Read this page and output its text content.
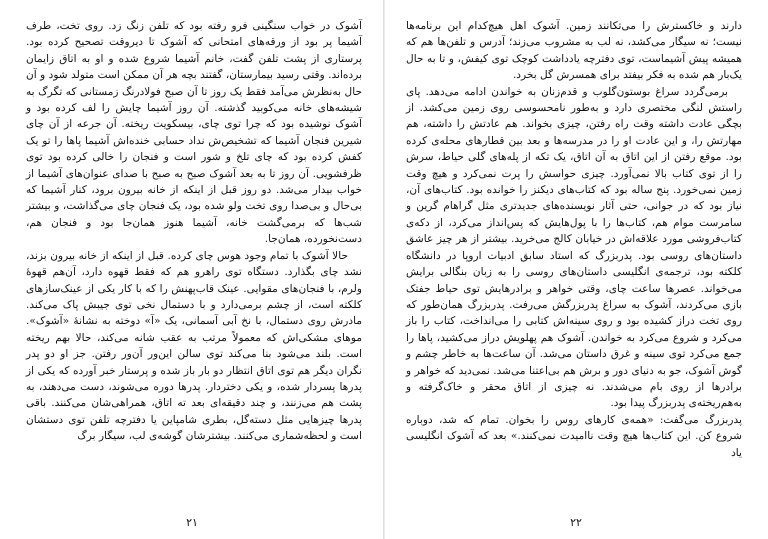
آشوک در خواب سنگینی فرو رفته بود که تلفن زنگ زد. روی تخت، طرف آشیما پر بود از ورقه‌های امتحانی که آشوک تا دیروقت تصحیح کرده بود. پرستاری از پشت تلفن گفت، خانم آشیما شروع شده و او به اتاق زایمان برده‌اند. وقتی رسید بیمارستان، گفتند بچه هر آن ممکن است متولد شود و آن حال به‌نظرش می‌آمد فقط یک روز تا آن صبح فولادرنگ زمستانی که تگرگ به شیشه‌های خانه می‌کوبید گذشته. آن روز آشیما چایش را لف کرده بود و آشوک نوشیده بود که چرا توی چای، بیسکویت ریخته. آن جرعه از آن چای شیرین فنجان آشیما که تشخیص‌ش نداد حسابی خنده‌اش آشیما پاها را تو یک کفش کرده بود که چای تلخ و شور است و فنجان را خالی کرده بود توی ظرفشویی. آن روز تا به بعد آشوک صبح به صبح با صدای عنوان‌های آشیما از خواب بیدار می‌شد. دو روز قبل از اینکه از خانه بیرون برود، کنار آشیما که بی‌حال و بی‌صدا روی تخت ولو شده بود، یک فنجان چای می‌گذاشت، و بیشتر شب‌ها که برمی‌گشت خانه، آشیما هنوز همان‌جا بود و فنجان هم، دست‌نخورده، همان‌جا.

حالا آشوک با تمام وجود هوس چای کرده. قبل از اینکه از خانه بیرون بزند، نشد چای بگذارد. دستگاه توی راهرو هم که فقط قهوه دارد، آن‌هم قهوهٔ ولرم، با فنجان‌های مقوایی. عینک قاب‌پهنش را که با کار یکی از عینک‌سازهای کلکته است، از چشم برمی‌دارد و با دستمال نخی توی جیبش پاک می‌کند. مادرش روی دستمال، با نخ آبی آسمانی، یک «آ» دوخته به نشانهٔ «آشوک». موهای مشکی‌اش که معمولاً مرتب به عقب شانه می‌کند، حالا بهم ریخته است. بلند می‌شود بنا می‌کند توی سالن این‌ور آن‌ور رفتن. جز او دو پدر نگران دیگر هم توی اتاق انتظار دو بار باز شده و پرستار خبر آورده که یکی از پدرها پسردار شده، و یکی دختردار. پدرها دوره می‌شوند، دست می‌دهند، به پشت هم می‌زنند، و چند دقیقه‌ای بعد ته اتاق، همراهی‌شان می‌کنند. باقی پدرها چیزهایی مثل دسته‌گل، بطری شامپاین یا دفترچه تلفن توی دستشان است و لحظه‌شماری می‌کنند. بیشترشان گوشه‌ی لب، سیگار برگ

۲۱

دارند و خاکسترش را می‌تکانند زمین. آشوک اهل هیچ‌کدام این برنامه‌ها نیست؛ نه سیگار می‌کشد، نه لب به مشروب می‌زند؛ آدرس و تلفن‌ها هم که همیشه پیش آشیماست، توی دفترچه یادداشت کوچک توی کیفش، و تا به حال یک‌بار هم شده به فکر بیفتد برای همسرش گل بخرد.

برمی‌گردد سراغ بوستون‌گلوب و قدم‌زنان به خواندن ادامه می‌دهد. پای راستش لنگی مختصری دارد و به‌طور نامحسوسی روی زمین می‌کشد. از بچگی عادت داشته وقت راه رفتن، چیزی بخواند. هم عادتش را داشته، هم مهارتش را، و این عادت او را در مدرسه‌ها و بعد بین قطارهای محله‌ی کرده بود. موقع رفتن از این اتاق به آن اتاق، یک تکه از پله‌های گلی حیاط، سرش را از توی کتاب بالا نمی‌آورد. چیزی حواسش را پرت نمی‌کرد و هیچ وقت زمین نمی‌خورد. پنج ساله بود که کتاب‌های دیکنز را خوانده بود. کتاب‌های آن، نیاز بود که در جوانی، حتی آثار نویسنده‌های جدیدتری مثل گراهام گرین و سامرست موام هم، کتاب‌ها را با پول‌هایش که پس‌انداز می‌کرد، از دکه‌ی کتاب‌فروشی مورد علاقه‌اش در خیابان کالج می‌خرید. بیشتر از هر چیز عاشق داستان‌های روسی بود. پدربزرگ که استاد سابق ادبیات اروپا در دانشگاه کلکته بود، ترجمه‌ی انگلیسی داستان‌های روسی را به زبان بنگالی برایش می‌خواند. عصرها ساعت چای، وقتی خواهر و برادرهایش توی حیاط جفتک بازی می‌کردند، آشوک به سراغ پدربزرگش می‌رفت. پدربزرگ همان‌طور که روی تخت دراز کشیده بود و روی سینه‌اش کتابی را می‌انداخت، کتاب را باز می‌کرد و شروع می‌کرد به خواندن. آشوک هم پهلویش دراز می‌کشید، پاها را جمع می‌کرد توی سینه و غرق داستان می‌شد. آن ساعت‌ها به خاطر چشم و گوش آشوک، جو به دنیای دور و برش هم بی‌اعتنا می‌شد. نمی‌دید که خواهر و برادرها از روی بام می‌شدند. نه چیزی از اتاق محقر و خاک‌گرفته و به‌هم‌ریخته‌ی پدربزرگ پیدا بود.

پدربزرگ می‌گفت: «همه‌ی کارهای روس را بخوان. تمام که شد، دوباره شروع کن. این کتاب‌ها هیچ وقت ناامیدت نمی‌کنند.» بعد که آشوک انگلیسی یاد

۲۲
